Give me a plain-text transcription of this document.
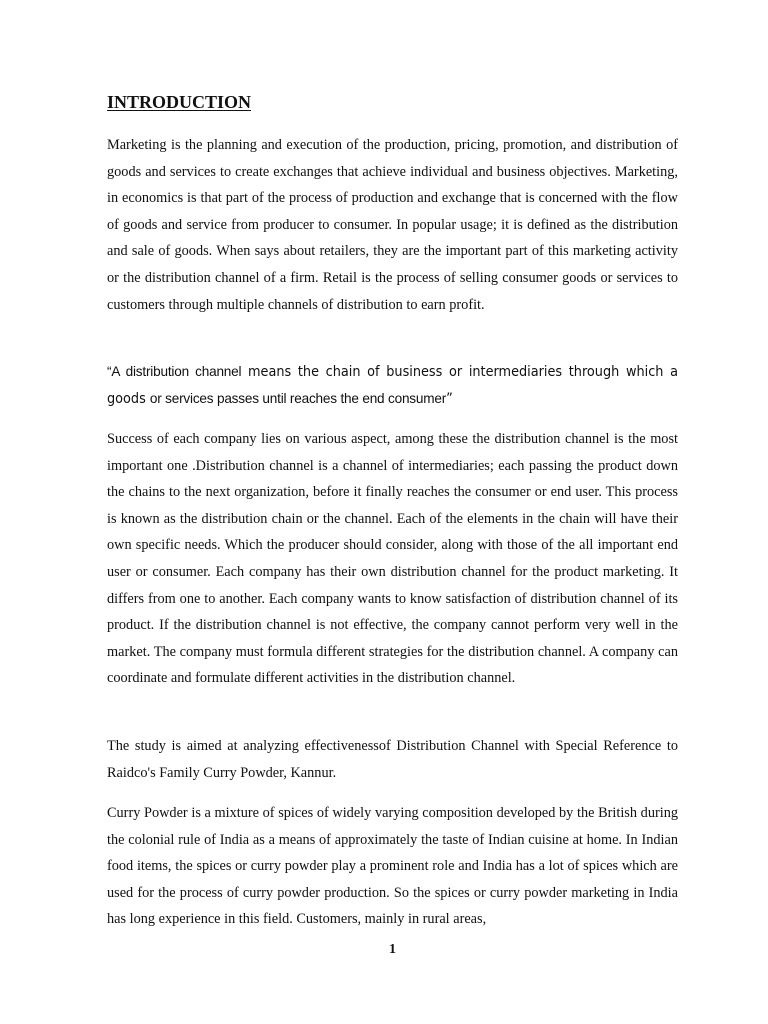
INTRODUCTION

Marketing is the planning and execution of the production, pricing, promotion, and distribution of goods and services to create exchanges that achieve individual and business objectives. Marketing, in economics is that part of the process of production and exchange that is concerned with the flow of goods and service from producer to consumer. In popular usage; it is defined as the distribution and sale of goods. When says about retailers, they are the important part of this marketing activity or the distribution channel of a firm. Retail is the process of selling consumer goods or services to customers through multiple channels of distribution to earn profit.

“A distribution channel means the chain of business or intermediaries through which a goods or services passes until reaches the end consumer”

Success of each company lies on various aspect, among these the distribution channel is the most important one .Distribution channel is a channel of intermediaries; each passing the product down the chains to the next organization, before it finally reaches the consumer or end user. This process is known as the distribution chain or the channel. Each of the elements in the chain will have their own specific needs. Which the producer should consider, along with those of the all important end user or consumer. Each company has their own distribution channel for the product marketing. It differs from one to another. Each company wants to know satisfaction of distribution channel of its product. If the distribution channel is not effective, the company cannot perform very well in the market. The company must formula different strategies for the distribution channel. A company can coordinate and formulate different activities in the distribution channel.

The study is aimed at analyzing effectivenessof Distribution Channel with Special Reference to Raidco's Family Curry Powder, Kannur.

Curry Powder is a mixture of spices of widely varying composition developed by the British during the colonial rule of India as a means of approximately the taste of Indian cuisine at home. In Indian food items, the spices or curry powder play a prominent role and India has a lot of spices which are used for the process of curry powder production. So the spices or curry powder marketing in India has long experience in this field. Customers, mainly in rural areas,

1
